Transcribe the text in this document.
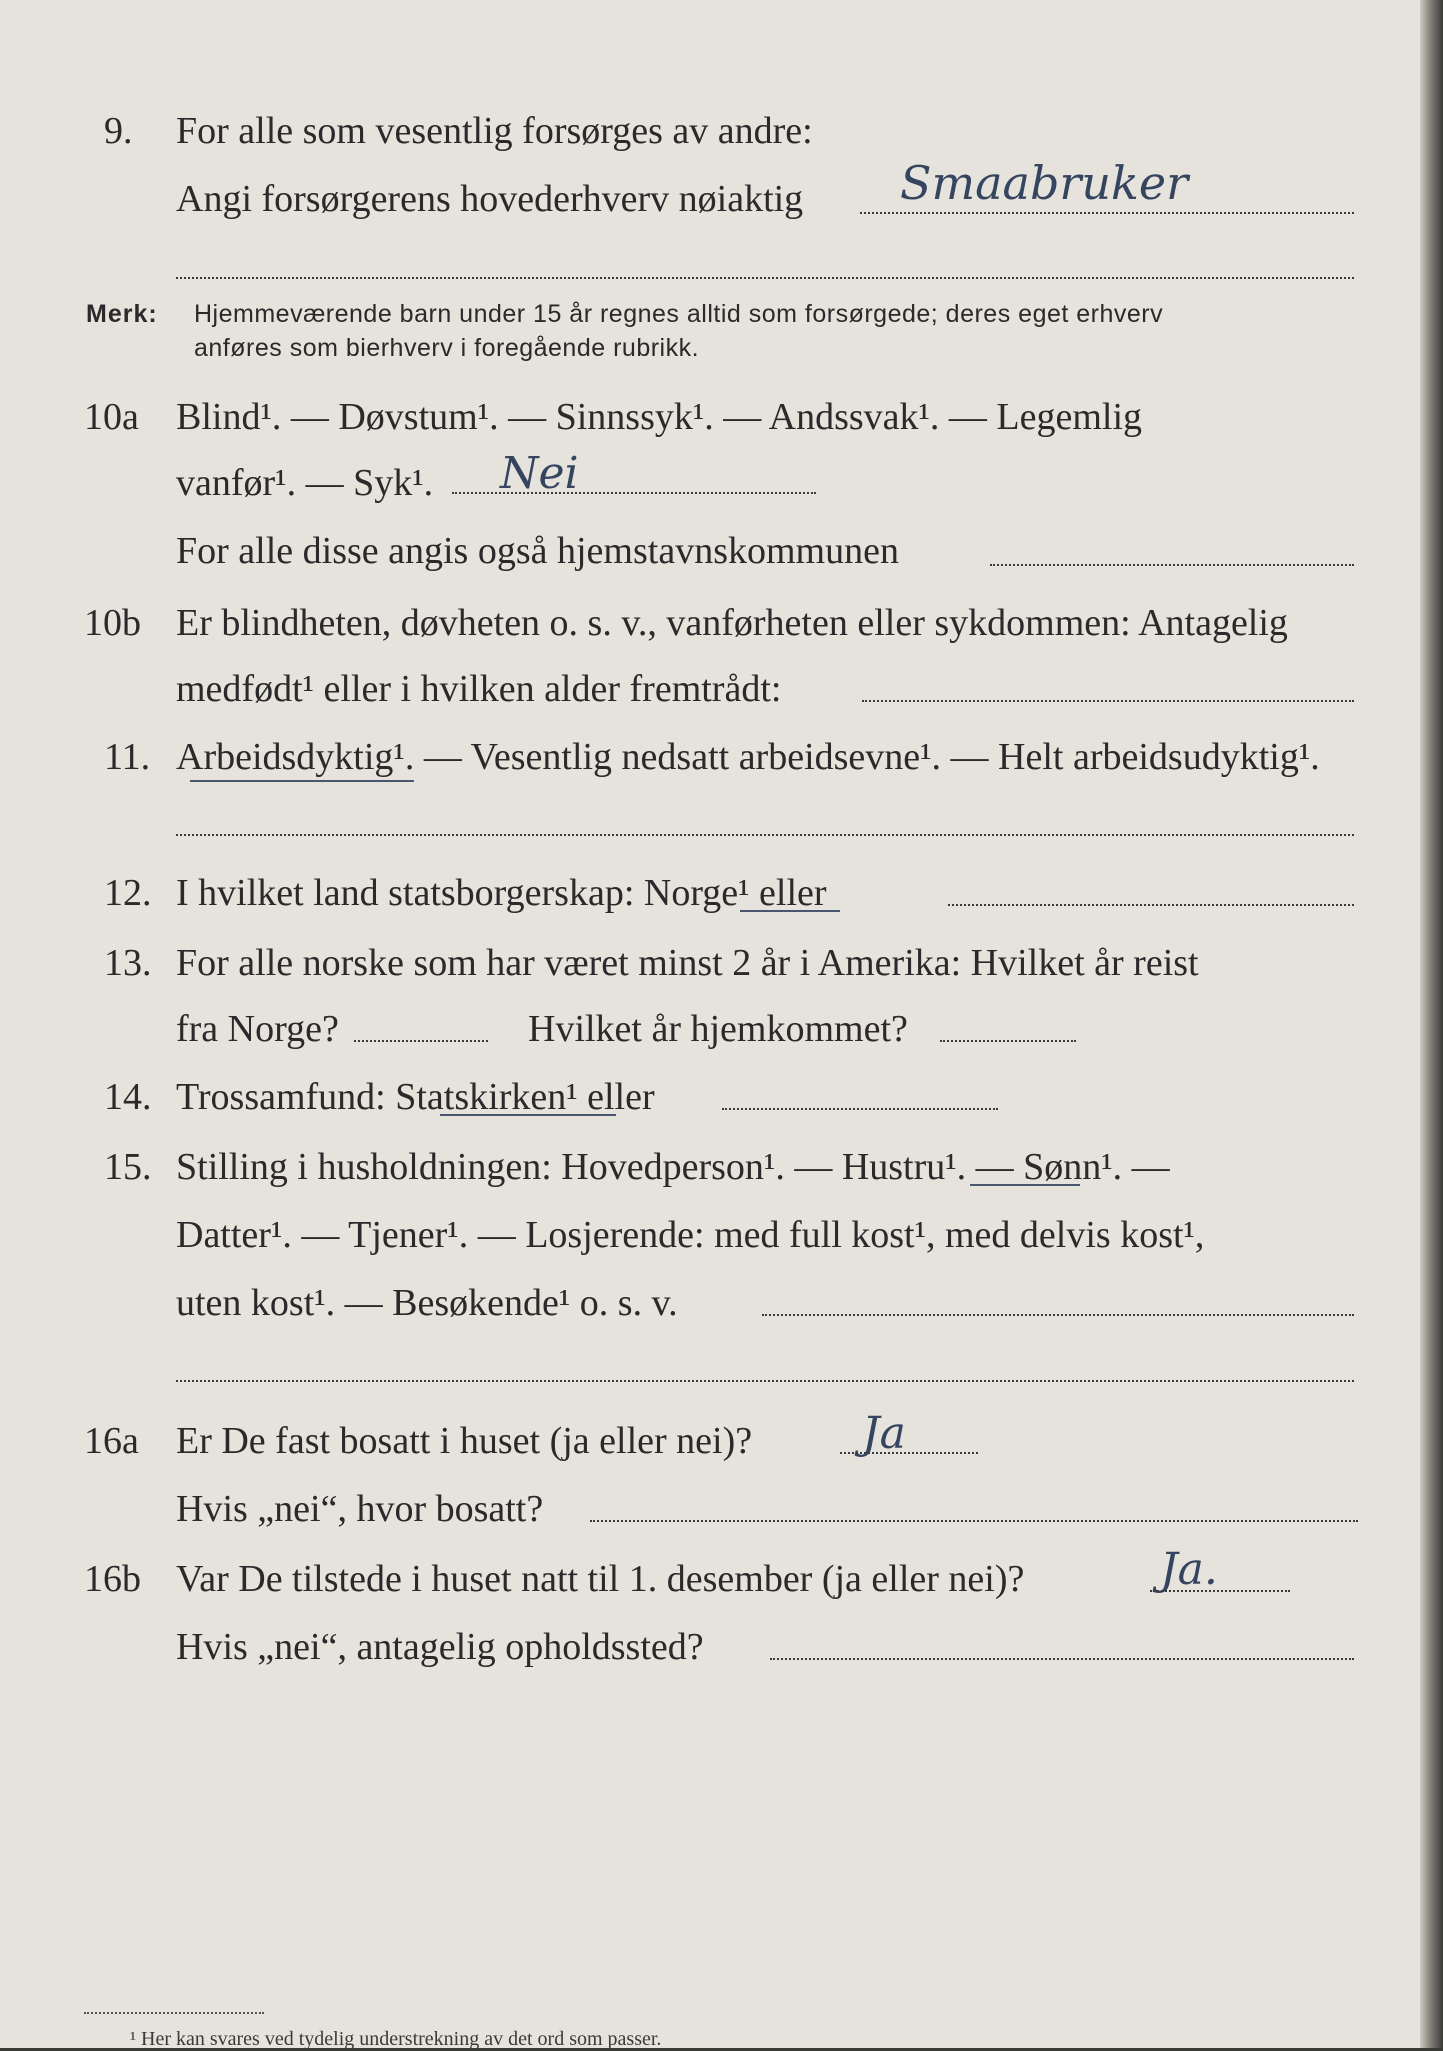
9. For alle som vesentlig forsørges av andre:
Angi forsørgerens hovederhverv nøiaktig Smaabruker
Merk: Hjemmeværende barn under 15 år regnes alltid som forsørgede; deres eget erhverv
anføres som bierhverv i foregående rubrikk.
10a Blind¹. — Døvstum¹. — Sinnssyk¹. — Andssvak¹. — Legemlig
vanfør¹. — Syk¹. Nei
For alle disse angis også hjemstavnskommunen
10b Er blindheten, døvheten o. s. v., vanførheten eller sykdommen: Antagelig
medfødt¹ eller i hvilken alder fremtrådt:
11. Arbeidsdyktig¹. — Vesentlig nedsatt arbeidsevne¹. — Helt arbeidsudyktig¹.
12. I hvilket land statsborgerskap: Norge¹ eller
13. For alle norske som har været minst 2 år i Amerika: Hvilket år reist
fra Norge?	Hvilket år hjemkommet?
14. Trossamfund: Statskirken¹ eller
15. Stilling i husholdningen: Hovedperson¹. — Hustru¹. — Sønn¹. —
Datter¹. — Tjener¹. — Losjerende: med full kost¹, med delvis kost¹,
uten kost¹. — Besøkende¹ o. s. v.
16a Er De fast bosatt i huset (ja eller nei)? Ja
Hvis „nei“, hvor bosatt?
16b Var De tilstede i huset natt til 1. desember (ja eller nei)?	Ja.
Hvis „nei“, antagelig opholdssted?
¹ Her kan svares ved tydelig understrekning av det ord som passer.
